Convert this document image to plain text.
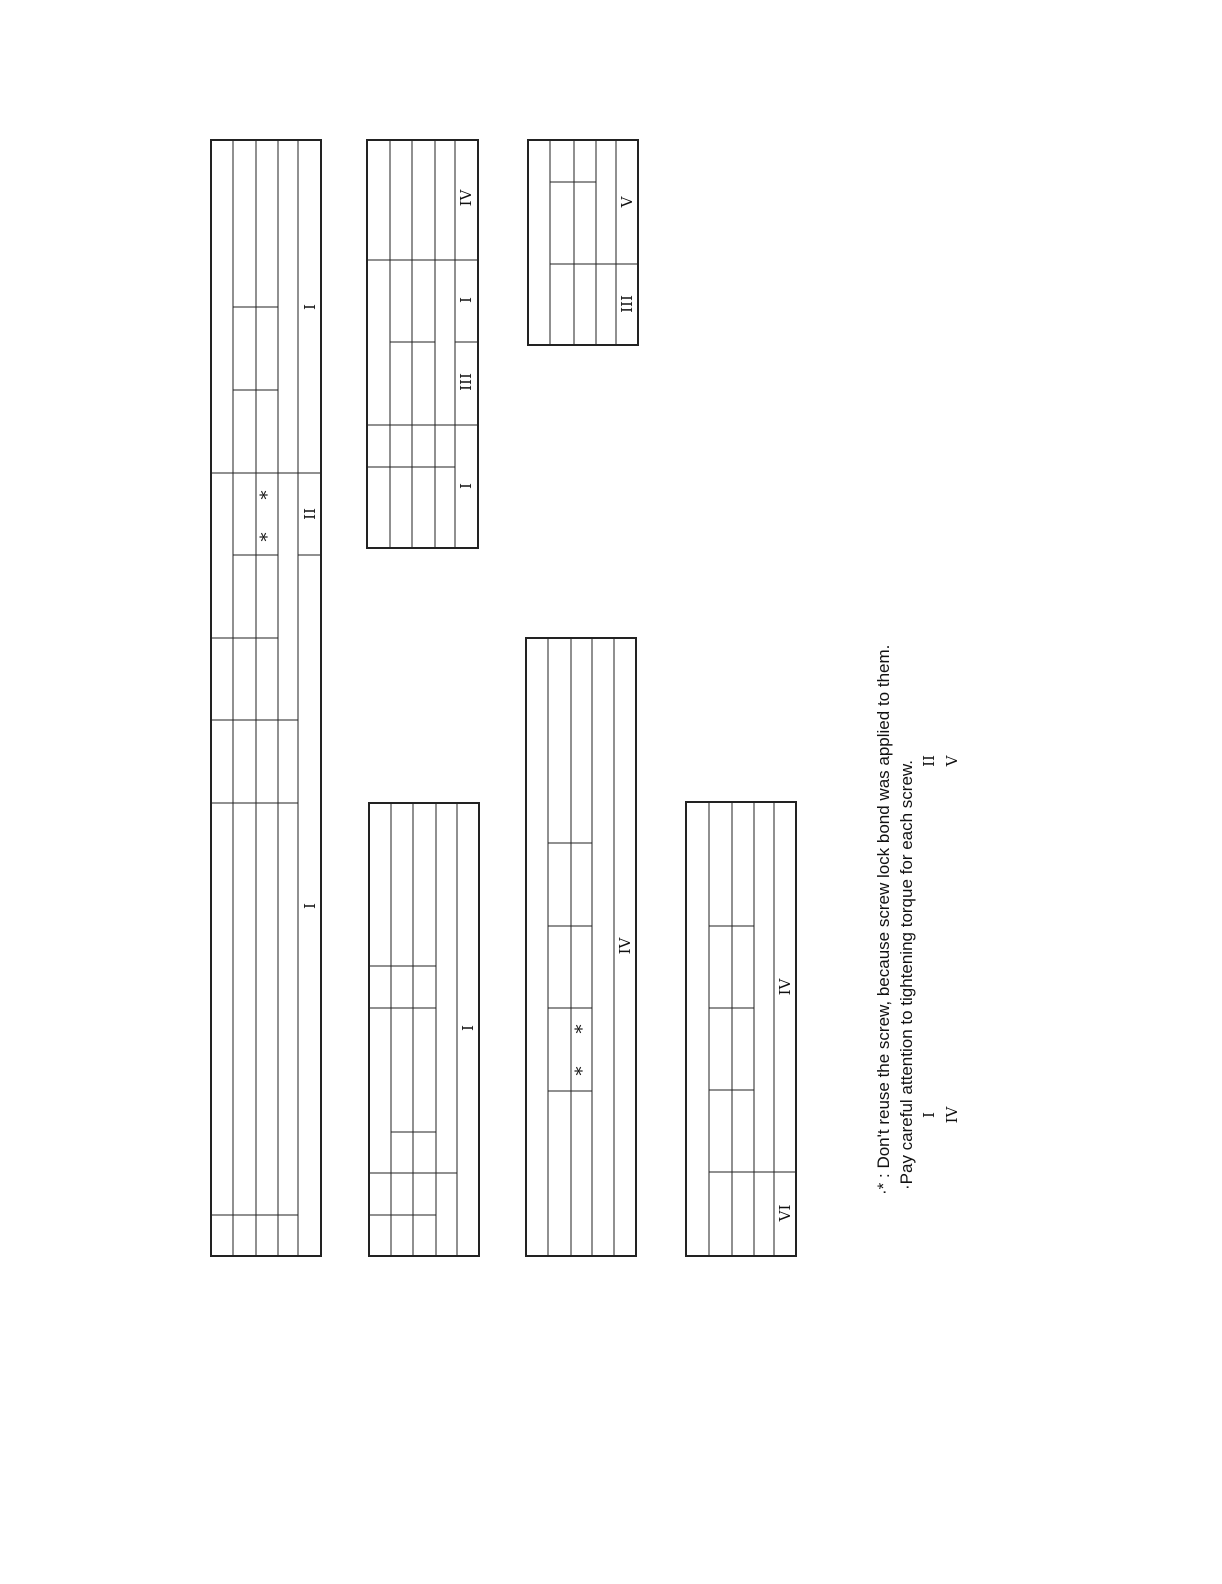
I
II
I
*
*
IV
I
III
I
V
III
I
IV
*
*
IV
VI
·* : Don't reuse the screw, because screw lock bond was applied to them. ·Pay careful attention to tightening torque for each screw. I IV
II V
